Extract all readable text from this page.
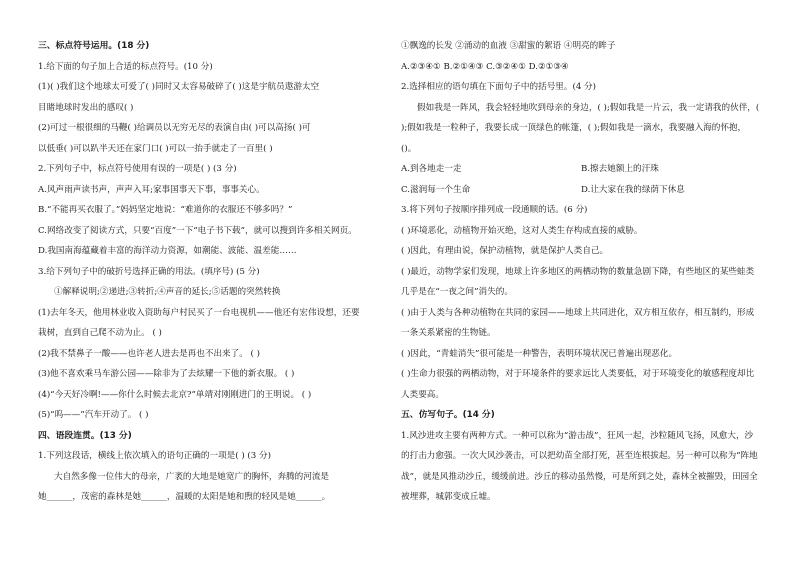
三、标点符号运用。(18 分)
1.给下面的句子加上合适的标点符号。(10 分)
(1)( )我们这个地球太可爱了( )同时又太容易破碎了( )这是宇航员遨游太空
目睹地球时发出的感叹( )
(2)可过一根很细的马鞭( )给调员以无穷无尽的表演自由( )可以高扬( )可
以低垂( )可以趴半天还在家门口( )可以一抬手就走了一百里( )
2.下列句子中，标点符号使用有误的一项是( ) (3 分)
A.风声雨声读书声，声声入耳;家事国事天下事，事事关心。
B.“不能再买衣服了。”妈妈坚定地说：“难道你的衣服还不够多吗？”
C.网络改变了阅读方式，只要“百度”一下“电子书下载”，就可以搜到许多相关网页。
D.我国南海蕴藏着丰富的海洋动力资源，如潮能、波能、温差能……
3.给下列句子中的破折号选择正确的用法。(填序号) (5 分)
①解释说明;②递进;③转折;④声音的延长;⑤话题的突然转换
(1)去年冬天，他用林业收入资助每户村民买了一台电视机——他还有宏伟设想，还要
栽树，直到自己爬不动为止。 ( )
(2)我不禁鼻子一酸——也许老人进去是再也不出来了。 ( )
(3)他不喜欢乘马车游公园——除非为了去炫耀一下他的新衣服。 ( )
(4)“今天好冷啊!——你什么时候去北京?”单靖对刚刚进门的王明说。 ( )
(5)“呜——”汽车开动了。 ( )
四、语段连贯。(13 分)
1.下列这段话，横线上依次填入的语句正确的一项是( ) (3 分)
大自然多像一位伟大的母亲，广袤的大地是她宽广的胸怀，奔腾的河流是
她______，茂密的森林是她______，温暖的太阳是她和煦的轻风是她______。
①飘逸的长发 ②涌动的血液 ③甜蜜的絮语 ④明亮的眸子
A.②③④① B.②①④③ C.③②④① D.②①③④
2.选择相应的语句填在下面句子中的括号里。(4 分)
假如我是一阵风，我会轻轻地吹到母亲的身边，( );假如我是一片云，我一定请我的伙伴，( );假如我是一粒种子，我要长成一顶绿色的帐篷，( );假如我是一滴水，我要融入海的怀抱，()。
A.到各地走一走	B.擦去她额上的汗珠
C.滋润每一个生命	D.让大家在我的绿荫下休息
3.将下列句子按顺序排列成一段通顺的话。(6 分)
( )环境恶化，动植物开始灭绝，这对人类生存构成直接的威胁。
( )因此，有理由说，保护动植物，就是保护人类自己。
( )最近，动物学家们发现，地球上许多地区的两栖动物的数量急剧下降，有些地区的某些蛙类几乎是在“一夜之间”消失的。
( )由于人类与各种动植物在共同的家园——地球上共同进化，双方相互依存，相互制约，形成一条关系紧密的生物链。
( )因此，“青蛙消失”很可能是一种警告，表明环境状况已普遍出现恶化。
( )生命力很强的两栖动物，对于环境条件的要求远比人类要低，对于环境变化的敏感程度却比人类要高。
五、仿写句子。(14 分)
1.风沙进攻主要有两种方式。一种可以称为“游击战”，狂风一起，沙粒随风飞扬，风愈大，沙的打击力愈强。一次大风沙袭击，可以把幼苗全部打死，甚至连根拔起。另一种可以称为“阵地战”，就是风推动沙丘，缓缓前进。沙丘的移动虽然慢，可是所到之处，森林全被摧毁，田园全被埋葬，城郭变成丘墟。
